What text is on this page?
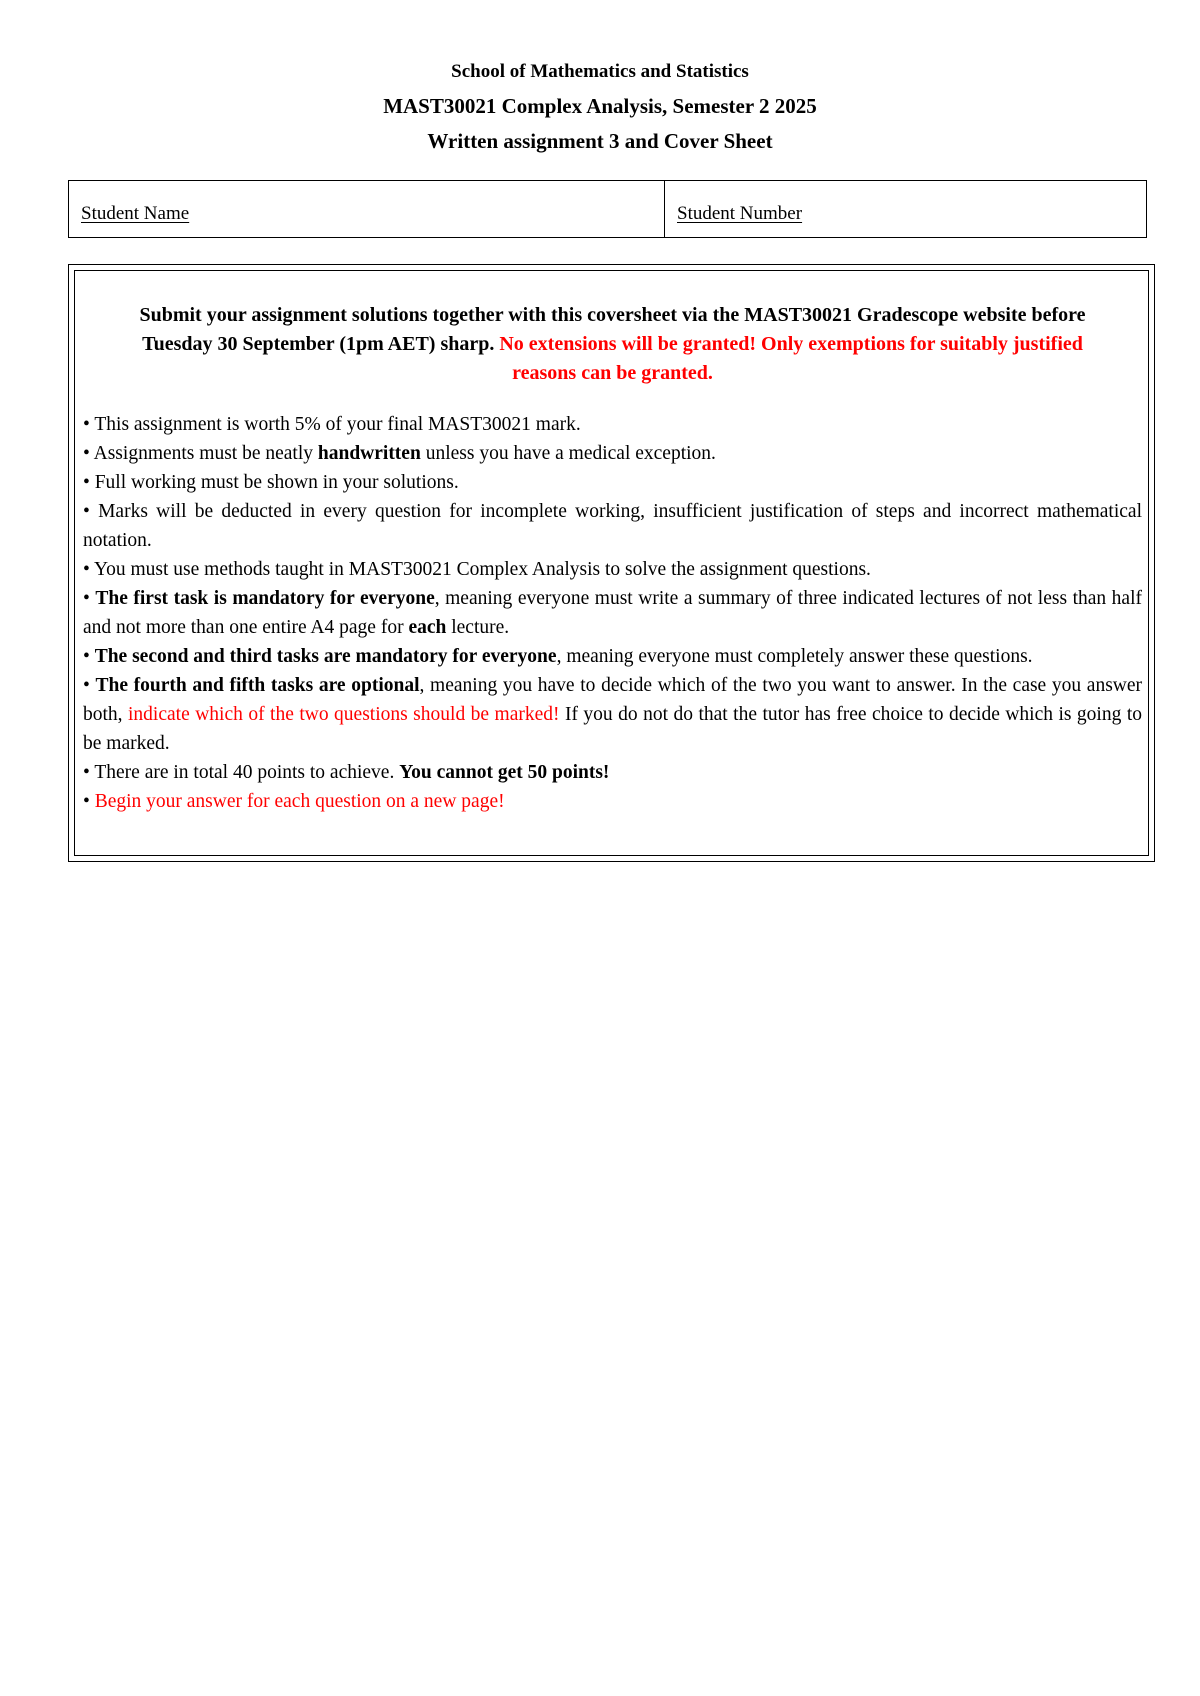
School of Mathematics and Statistics
MAST30021 Complex Analysis, Semester 2 2025
Written assignment 3 and Cover Sheet
Student Name	Student Number
Submit your assignment solutions together with this coversheet via the MAST30021 Gradescope website before Tuesday 30 September (1pm AET) sharp. No extensions will be granted! Only exemptions for suitably justified reasons can be granted.

• This assignment is worth 5% of your final MAST30021 mark.

• Assignments must be neatly handwritten unless you have a medical exception.

• Full working must be shown in your solutions.

• Marks will be deducted in every question for incomplete working, insufficient justification of steps and incorrect mathematical notation.

• You must use methods taught in MAST30021 Complex Analysis to solve the assignment questions.

• The first task is mandatory for everyone, meaning everyone must write a summary of three indicated lectures of not less than half and not more than one entire A4 page for each lecture.

• The second and third tasks are mandatory for everyone, meaning everyone must completely answer these questions.

• The fourth and fifth tasks are optional, meaning you have to decide which of the two you want to answer. In the case you answer both, indicate which of the two questions should be marked! If you do not do that the tutor has free choice to decide which is going to be marked.

• There are in total 40 points to achieve. You cannot get 50 points!

• Begin your answer for each question on a new page!
